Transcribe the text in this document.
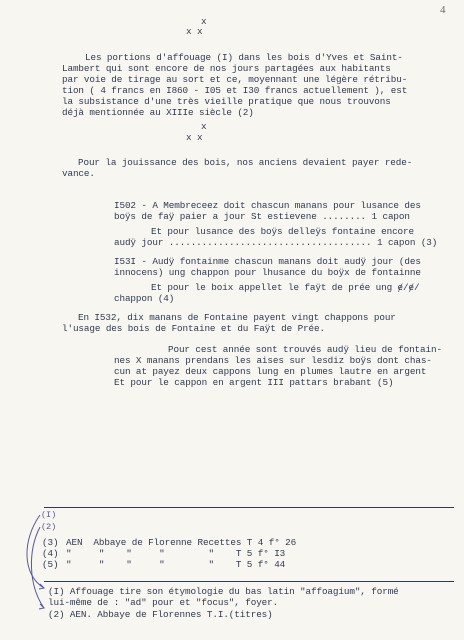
4
x
x x
Les portions d'affouage (I) dans les bois d'Yves et Saint-
Lambert qui sont encore de nos jours partagées aux habitants
par voie de tirage au sort et ce, moyennant une légère rétribu-
tion ( 4 francs en I860 - I05 et I30 francs actuellement ), est
la subsistance d'une très vieille pratique que nous trouvons
déjà mentionnée au XIIIe siècle (2)
x
x x
Pour la jouissance des bois, nos anciens devaient payer rede-
vance.
I502 - A Membreceez doit chascun manans pour lusance des
boÿs de faÿ paier a jour St estievene ........ 1 capon
Et pour lusance des boÿs delleÿs fontaine encore
audÿ jour ..................................... 1 capon (3)
I53I - Audÿ fontainme chascun manans doit audÿ jour (des
innocens) ung chappon pour lhusance du boÿx de fontainne
Et pour le boix appellet le faÿt de prée ung ɇ/ɇ/
chappon (4)
En I532, dix manans de Fontaine payent vingt chappons pour
l'usage des bois de Fontaine et du Faÿt de Prée.
Pour cest année sont trouvés audÿ lieu de fontain-
nes X manans prendans les aises sur lesdiz boÿs dont chas-
cun at payez deux cappons lung en plumes lautre en argent
Et pour le cappon en argent III pattars brabant (5)
(I)
(2)
(3) AEN  Abbaye de Florenne Recettes T 4 f° 26
(4) "     "    "     "        "    T 5 f° I3
(5) "     "    "     "        "    T 5 f° 44
(I) Affouage tire son étymologie du bas latin "affoagium", formé
lui-même de : "ad" pour et "focus", foyer.
(2) AEN. Abbaye de Florennes T.I.(titres)
